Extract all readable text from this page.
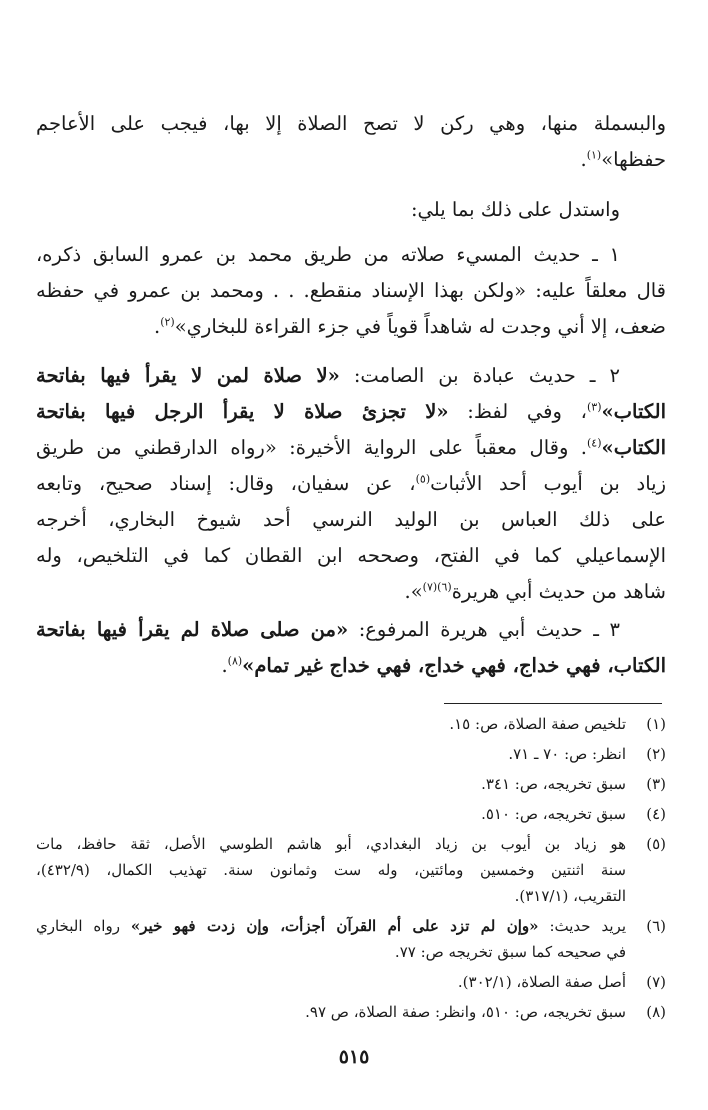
والبسملة منها، وهي ركن لا تصح الصلاة إلا بها، فيجب على الأعاجم
حفظها»$^{(١)}$.
واستدل على ذلك بما يلي:
١ ـ حديث المسيء صلاته من طريق محمد بن عمرو السابق ذكره،
قال معلقاً عليه: «ولكن بهذا الإسناد منقطع. . . ومحمد بن عمرو في حفظه
ضعف، إلا أني وجدت له شاهداً قوياً في جزء القراءة للبخاري»$^{(٢)}$.
٢ ـ حديث عبادة بن الصامت: «لا صلاة لمن لا يقرأ فيها بفاتحة
الكتاب»$^{(٣)}$، وفي لفظ: «لا تجزئ صلاة لا يقرأ الرجل فيها بفاتحة
الكتاب»$^{(٤)}$. وقال معقباً على الرواية الأخيرة: «رواه الدارقطني من طريق
زياد بن أيوب أحد الأثبات$^{(٥)}$، عن سفيان، وقال: إسناد صحيح، وتابعه
على ذلك العباس بن الوليد النرسي أحد شيوخ البخاري، أخرجه
الإسماعيلي كما في الفتح، وصححه ابن القطان كما في التلخيص، وله
شاهد من حديث أبي هريرة$^{(٦)(٧)}$».
٣ ـ حديث أبي هريرة المرفوع: «من صلى صلاة لم يقرأ فيها بفاتحة
الكتاب، فهي خداج، فهي خداج، فهي خداج غير تمام»$^{(٨)}$.
(١)
تلخيص صفة الصلاة، ص: ١٥.
(٢)
انظر: ص: ٧٠ ـ ٧١.
(٣)
سبق تخريجه، ص: ٣٤١.
(٤)
سبق تخريجه، ص: ٥١٠.
(٥)
هو زياد بن أيوب بن زياد البغدادي، أبو هاشم الطوسي الأصل، ثقة حافظ، مات
سنة اثنتين وخمسين ومائتين، وله ست وثمانون سنة. تهذيب الكمال، (٤٣٢/٩)،
التقريب، (٣١٧/١).
(٦)
يريد حديث: «وإن لم تزد على أم القرآن أجزأت، وإن زدت فهو خير» رواه البخاري
في صحيحه كما سبق تخريجه ص: ٧٧.
(٧)
أصل صفة الصلاة، (٣٠٢/١).
(٨)
سبق تخريجه، ص: ٥١٠، وانظر: صفة الصلاة، ص ٩٧.
٥١٥
